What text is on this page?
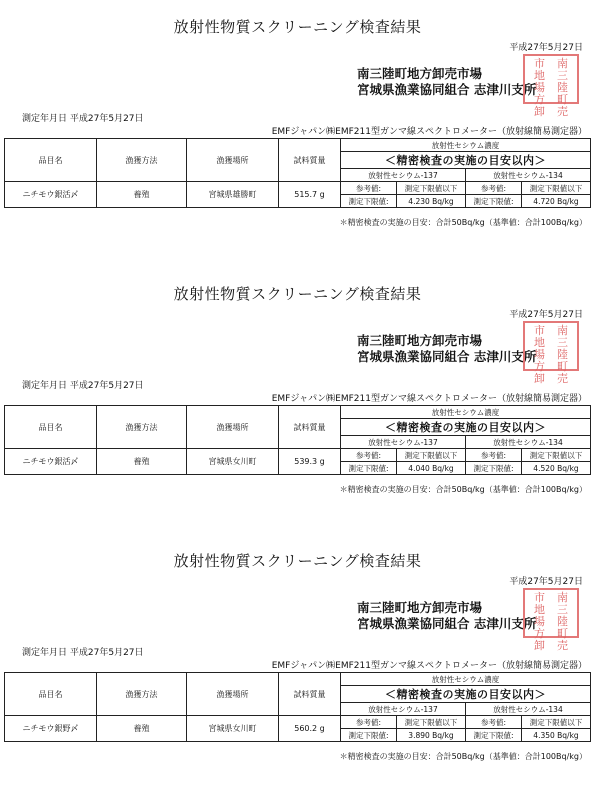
放射性物質スクリーニング検査結果
平成27年5月27日
南三陸町地方卸売市場
宮城県漁業協同組合 志津川支所
市	南
地	三
場	陸
方	町
卸	売
測定年月日 平成27年5月27日
EMFジャパン㈱EMF211型ガンマ線スペクトロメーター（放射線簡易測定器）
品目名	漁獲方法	漁獲場所	試料質量	放射性セシウム濃度			
				＜精密検査の実施の目安以内＞			
				放射性セシウム-137		放射性セシウム-134	
ニチモウ銀活〆	養殖	宮城県雄勝町	515.7 g	参考値:	測定下限値以下	参考値:	測定下限値以下
				測定下限値:	4.230 Bq/kg	測定下限値:	4.720 Bq/kg
＊精密検査の実施の目安：合計50Bq/kg（基準値：合計100Bq/kg）
放射性物質スクリーニング検査結果
平成27年5月27日
南三陸町地方卸売市場
宮城県漁業協同組合 志津川支所
市	南
地	三
場	陸
方	町
卸	売
測定年月日 平成27年5月27日
EMFジャパン㈱EMF211型ガンマ線スペクトロメーター（放射線簡易測定器）
品目名	漁獲方法	漁獲場所	試料質量	放射性セシウム濃度			
				＜精密検査の実施の目安以内＞			
				放射性セシウム-137		放射性セシウム-134	
ニチモウ銀活〆	養殖	宮城県女川町	539.3 g	参考値:	測定下限値以下	参考値:	測定下限値以下
				測定下限値:	4.040 Bq/kg	測定下限値:	4.520 Bq/kg
＊精密検査の実施の目安：合計50Bq/kg（基準値：合計100Bq/kg）
放射性物質スクリーニング検査結果
平成27年5月27日
南三陸町地方卸売市場
宮城県漁業協同組合 志津川支所
市	南
地	三
場	陸
方	町
卸	売
測定年月日 平成27年5月27日
EMFジャパン㈱EMF211型ガンマ線スペクトロメーター（放射線簡易測定器）
品目名	漁獲方法	漁獲場所	試料質量	放射性セシウム濃度			
				＜精密検査の実施の目安以内＞			
				放射性セシウム-137		放射性セシウム-134	
ニチモウ銀野〆	養殖	宮城県女川町	560.2 g	参考値:	測定下限値以下	参考値:	測定下限値以下
				測定下限値:	3.890 Bq/kg	測定下限値:	4.350 Bq/kg
＊精密検査の実施の目安：合計50Bq/kg（基準値：合計100Bq/kg）
